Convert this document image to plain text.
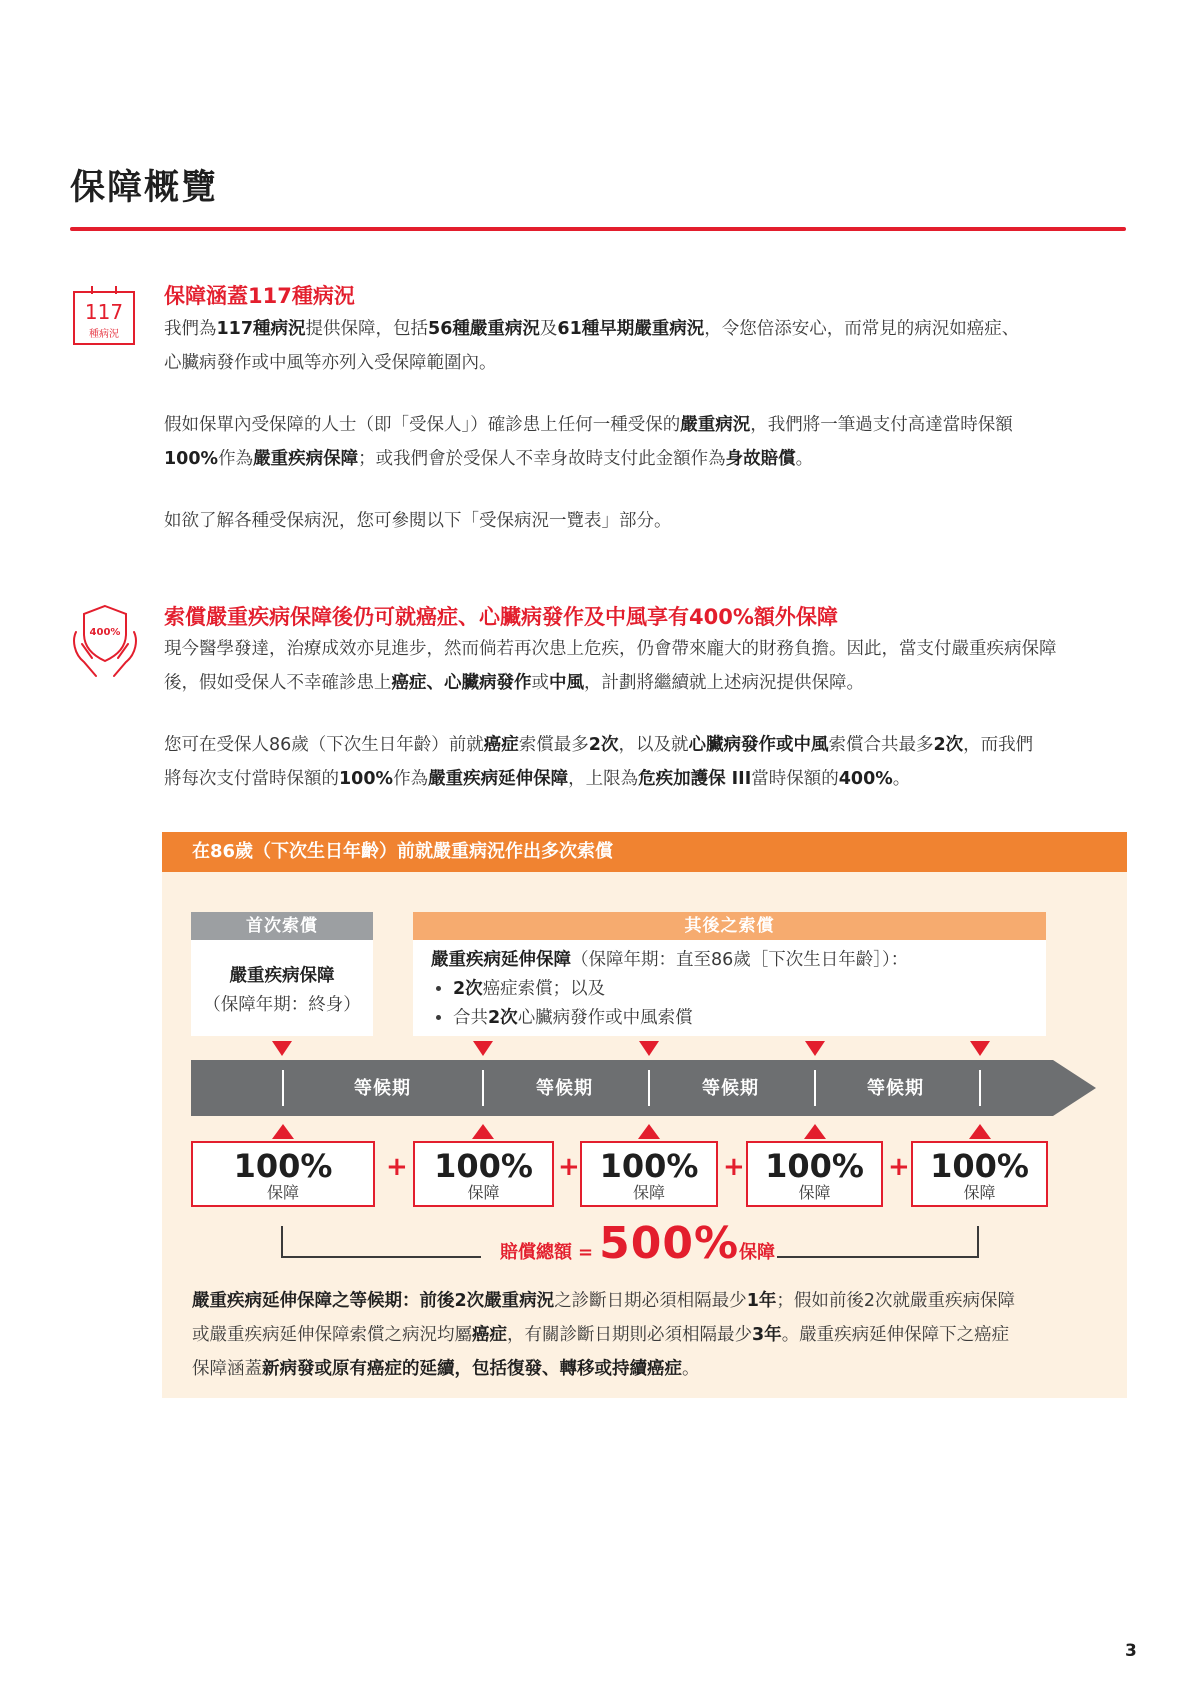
保障概覽
117
種病況
保障涵蓋117種病況
我們為117種病況提供保障，包括56種嚴重病況及61種早期嚴重病況，令您倍添安心，而常見的病況如癌症、
心臟病發作或中風等亦列入受保障範圍內。
假如保單內受保障的人士（即「受保人」）確診患上任何一種受保的嚴重病況，我們將一筆過支付高達當時保額
100%作為嚴重疾病保障；或我們會於受保人不幸身故時支付此金額作為身故賠償。
如欲了解各種受保病況，您可參閱以下「受保病況一覽表」部分。
400%
索償嚴重疾病保障後仍可就癌症、心臟病發作及中風享有400%額外保障
現今醫學發達，治療成效亦見進步，然而倘若再次患上危疾，仍會帶來龐大的財務負擔。因此，當支付嚴重疾病保障
後，假如受保人不幸確診患上癌症、心臟病發作或中風，計劃將繼續就上述病況提供保障。
您可在受保人86歲（下次生日年齡）前就癌症索償最多2次，以及就心臟病發作或中風索償合共最多2次，而我們
將每次支付當時保額的100%作為嚴重疾病延伸保障，上限為危疾加護保 III當時保額的400%。
在86歲（下次生日年齡）前就嚴重病況作出多次索償
首次索償	其後之索償
嚴重疾病保障
（保障年期：終身）
嚴重疾病延伸保障（保障年期：直至86歲［下次生日年齡］）：
• 2次癌症索償；以及
• 合共2次心臟病發作或中風索償
等候期	等候期	等候期	等候期
100%
保障
+ 100%
保障
+ 100%
保障
+ 100%
保障
+ 100%
保障
賠償總額 = 500%保障
嚴重疾病延伸保障之等候期：前後2次嚴重病況之診斷日期必須相隔最少1年；假如前後2次就嚴重疾病保障
或嚴重疾病延伸保障索償之病況均屬癌症，有關診斷日期則必須相隔最少3年。嚴重疾病延伸保障下之癌症
保障涵蓋新病發或原有癌症的延續，包括復發、轉移或持續癌症。
3
